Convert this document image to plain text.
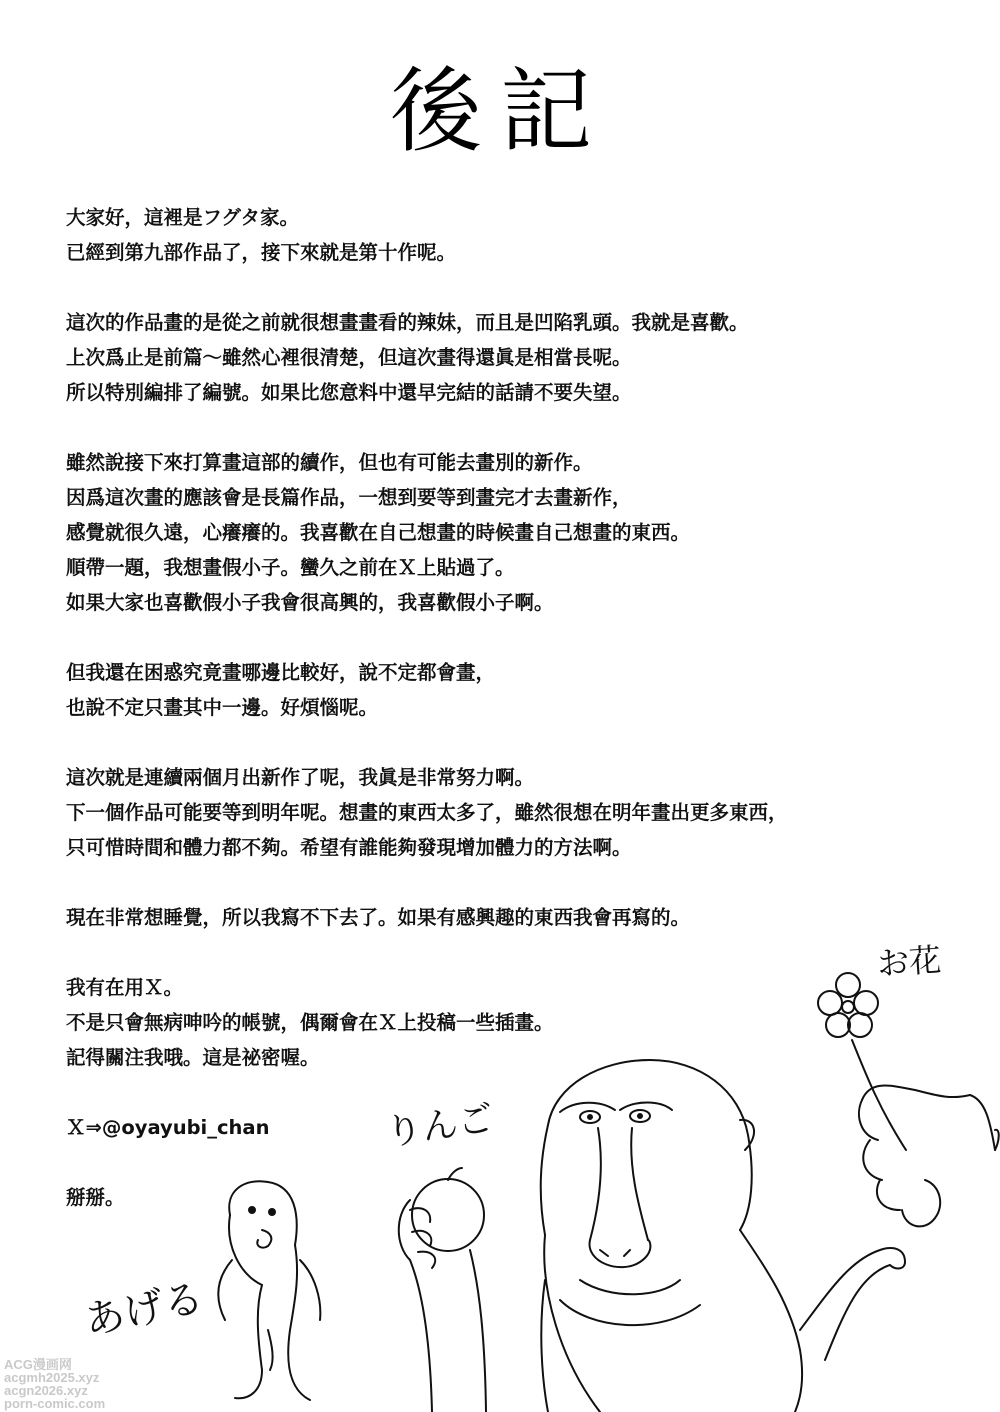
後記
大家好，這裡是フグタ家。
已經到第九部作品了，接下來就是第十作呢。
這次的作品畫的是從之前就很想畫畫看的辣妹，而且是凹陷乳頭。我就是喜歡。
上次爲止是前篇～雖然心裡很清楚，但這次畫得還眞是相當長呢。
所以特別編排了編號。如果比您意料中還早完結的話請不要失望。
雖然說接下來打算畫這部的續作，但也有可能去畫別的新作。
因爲這次畫的應該會是長篇作品，一想到要等到畫完才去畫新作，
感覺就很久遠，心癢癢的。我喜歡在自己想畫的時候畫自己想畫的東西。
順帶一題，我想畫假小子。蠻久之前在Ｘ上貼過了。
如果大家也喜歡假小子我會很高興的，我喜歡假小子啊。
但我還在困惑究竟畫哪邊比較好，說不定都會畫，
也說不定只畫其中一邊。好煩惱呢。
這次就是連續兩個月出新作了呢，我眞是非常努力啊。
下一個作品可能要等到明年呢。想畫的東西太多了，雖然很想在明年畫出更多東西，
只可惜時間和體力都不夠。希望有誰能夠發現增加體力的方法啊。
現在非常想睡覺，所以我寫不下去了。如果有感興趣的東西我會再寫的。
我有在用Ｘ。
不是只會無病呻吟的帳號，偶爾會在Ｘ上投稿一些插畫。
記得關注我哦。這是祕密喔。
Ｘ⇒@oyayubi_chan
掰掰。
お花
りんご
あげる
ACG漫画网
acgmh2025.xyz
acgn2026.xyz
porn-comic.com
